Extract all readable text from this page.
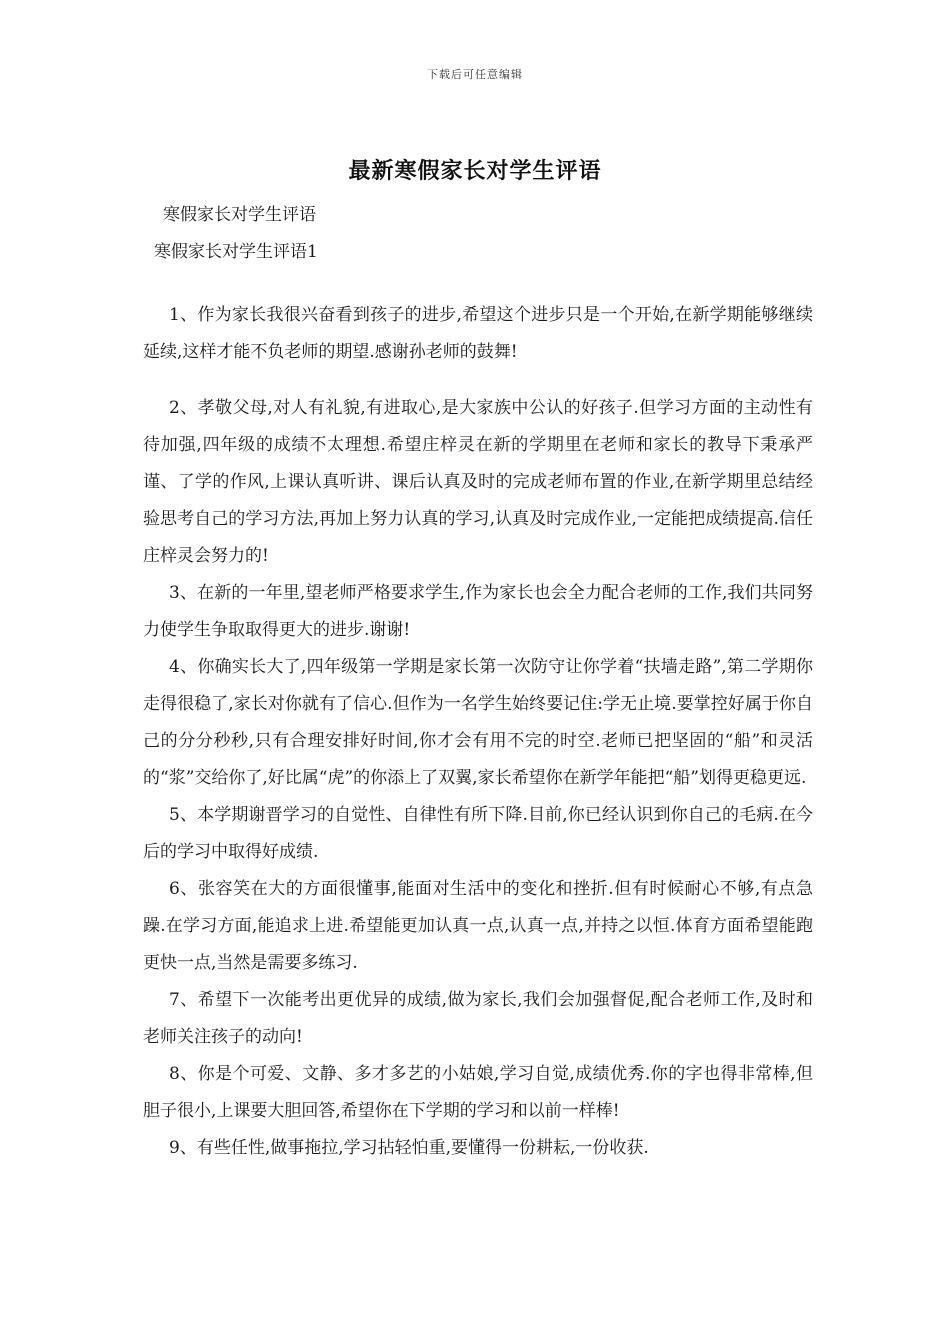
下载后可任意编辑
最新寒假家长对学生评语
寒假家长对学生评语
寒假家长对学生评语1

1、作为家长我很兴奋看到孩子的进步,希望这个进步只是一个开始,在新学期能够继续延续,这样才能不负老师的期望.感谢孙老师的鼓舞!

2、孝敬父母,对人有礼貌,有进取心,是大家族中公认的好孩子.但学习方面的主动性有待加强,四年级的成绩不太理想.希望庄梓灵在新的学期里在老师和家长的教导下秉承严谨、了学的作风,上课认真听讲、课后认真及时的完成老师布置的作业,在新学期里总结经验思考自己的学习方法,再加上努力认真的学习,认真及时完成作业,一定能把成绩提高.信任庄梓灵会努力的!

3、在新的一年里,望老师严格要求学生,作为家长也会全力配合老师的工作,我们共同努力使学生争取取得更大的进步.谢谢!

4、你确实长大了,四年级第一学期是家长第一次防守让你学着“扶墙走路”,第二学期你走得很稳了,家长对你就有了信心.但作为一名学生始终要记住:学无止境.要掌控好属于你自己的分分秒秒,只有合理安排好时间,你才会有用不完的时空.老师已把坚固的“船”和灵活的“浆”交给你了,好比属“虎”的你添上了双翼,家长希望你在新学年能把“船”划得更稳更远.

5、本学期谢晋学习的自觉性、自律性有所下降.目前,你已经认识到你自己的毛病.在今后的学习中取得好成绩.

6、张容笑在大的方面很懂事,能面对生活中的变化和挫折.但有时候耐心不够,有点急躁.在学习方面,能追求上进.希望能更加认真一点,认真一点,并持之以恒.体育方面希望能跑更快一点,当然是需要多练习.

7、希望下一次能考出更优异的成绩,做为家长,我们会加强督促,配合老师工作,及时和老师关注孩子的动向!

8、你是个可爱、文静、多才多艺的小姑娘,学习自觉,成绩优秀.你的字也得非常棒,但胆子很小,上课要大胆回答,希望你在下学期的学习和以前一样棒!

9、有些任性,做事拖拉,学习拈轻怕重,要懂得一份耕耘,一份收获.
